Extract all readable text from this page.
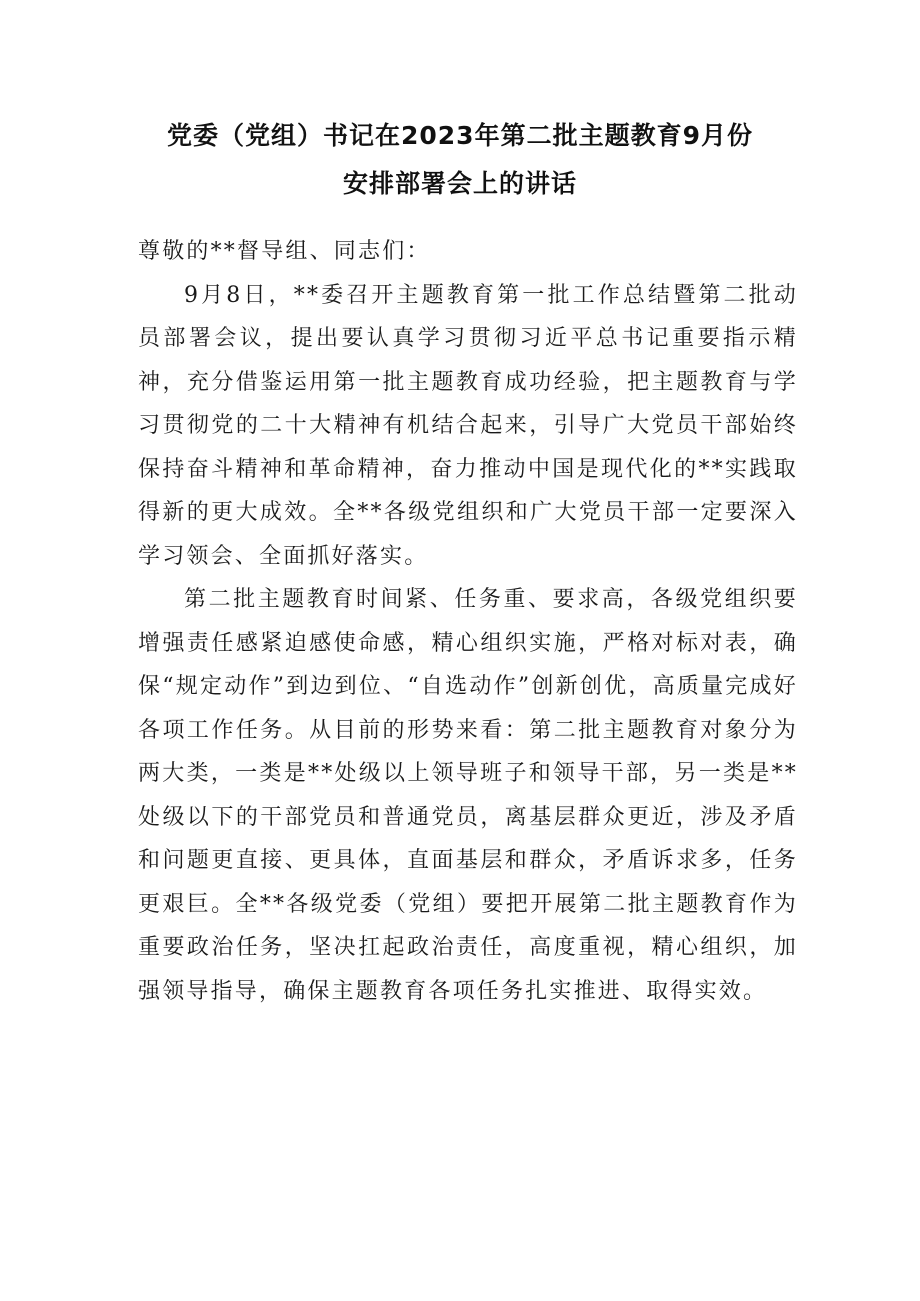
党委（党组）书记在2023年第二批主题教育9月份
安排部署会上的讲话

尊敬的**督导组、同志们：

9月8日，**委召开主题教育第一批工作总结暨第二批动员部署会议，提出要认真学习贯彻习近平总书记重要指示精神，充分借鉴运用第一批主题教育成功经验，把主题教育与学习贯彻党的二十大精神有机结合起来，引导广大党员干部始终保持奋斗精神和革命精神，奋力推动中国是现代化的**实践取得新的更大成效。全**各级党组织和广大党员干部一定要深入学习领会、全面抓好落实。

第二批主题教育时间紧、任务重、要求高，各级党组织要增强责任感紧迫感使命感，精心组织实施，严格对标对表，确保“规定动作”到边到位、“自选动作”创新创优，高质量完成好各项工作任务。从目前的形势来看：第二批主题教育对象分为两大类，一类是**处级以上领导班子和领导干部，另一类是**处级以下的干部党员和普通党员，离基层群众更近，涉及矛盾和问题更直接、更具体，直面基层和群众，矛盾诉求多，任务更艰巨。全**各级党委（党组）要把开展第二批主题教育作为重要政治任务，坚决扛起政治责任，高度重视，精心组织，加强领导指导，确保主题教育各项任务扎实推进、取得实效。
